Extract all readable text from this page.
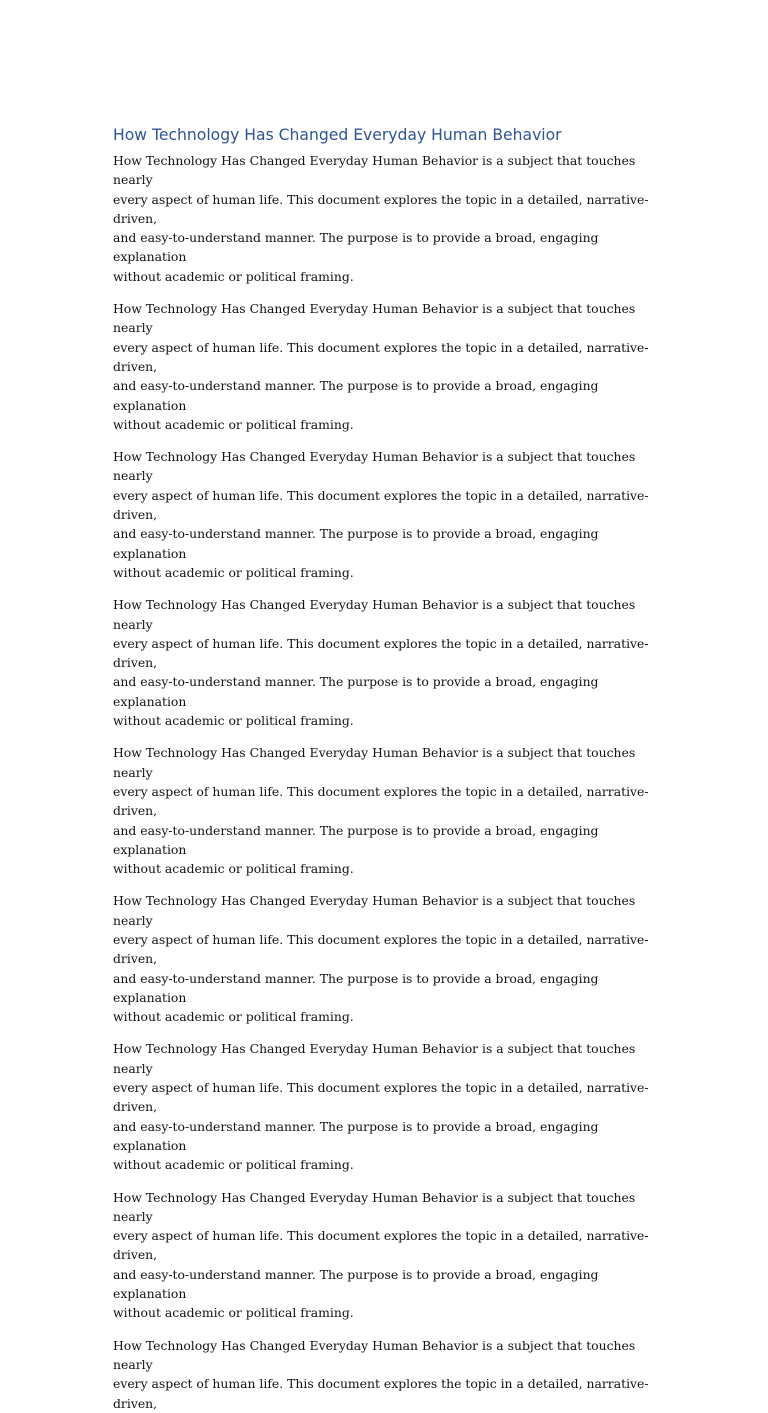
How Technology Has Changed Everyday Human Behavior

How Technology Has Changed Everyday Human Behavior is a subject that touches nearly
every aspect of human life. This document explores the topic in a detailed, narrative-driven,
and easy-to-understand manner. The purpose is to provide a broad, engaging explanation
without academic or political framing.

How Technology Has Changed Everyday Human Behavior is a subject that touches nearly
every aspect of human life. This document explores the topic in a detailed, narrative-driven,
and easy-to-understand manner. The purpose is to provide a broad, engaging explanation
without academic or political framing.

How Technology Has Changed Everyday Human Behavior is a subject that touches nearly
every aspect of human life. This document explores the topic in a detailed, narrative-driven,
and easy-to-understand manner. The purpose is to provide a broad, engaging explanation
without academic or political framing.

How Technology Has Changed Everyday Human Behavior is a subject that touches nearly
every aspect of human life. This document explores the topic in a detailed, narrative-driven,
and easy-to-understand manner. The purpose is to provide a broad, engaging explanation
without academic or political framing.

How Technology Has Changed Everyday Human Behavior is a subject that touches nearly
every aspect of human life. This document explores the topic in a detailed, narrative-driven,
and easy-to-understand manner. The purpose is to provide a broad, engaging explanation
without academic or political framing.

How Technology Has Changed Everyday Human Behavior is a subject that touches nearly
every aspect of human life. This document explores the topic in a detailed, narrative-driven,
and easy-to-understand manner. The purpose is to provide a broad, engaging explanation
without academic or political framing.

How Technology Has Changed Everyday Human Behavior is a subject that touches nearly
every aspect of human life. This document explores the topic in a detailed, narrative-driven,
and easy-to-understand manner. The purpose is to provide a broad, engaging explanation
without academic or political framing.

How Technology Has Changed Everyday Human Behavior is a subject that touches nearly
every aspect of human life. This document explores the topic in a detailed, narrative-driven,
and easy-to-understand manner. The purpose is to provide a broad, engaging explanation
without academic or political framing.

How Technology Has Changed Everyday Human Behavior is a subject that touches nearly
every aspect of human life. This document explores the topic in a detailed, narrative-driven,
